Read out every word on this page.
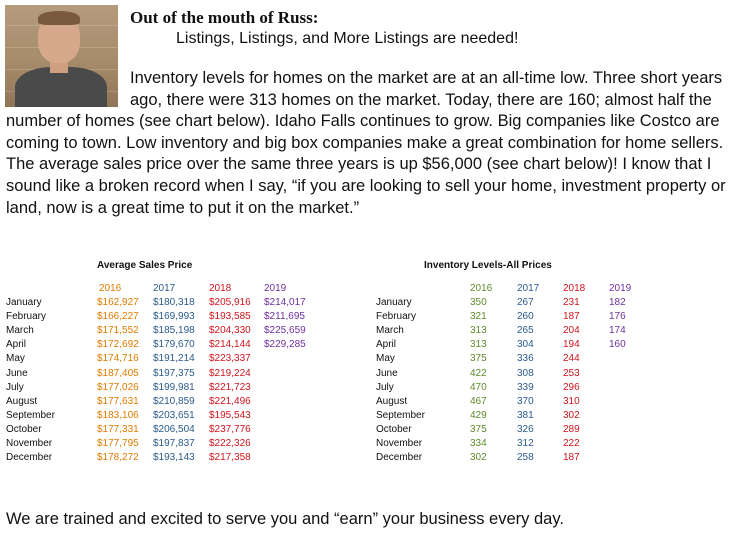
Out of the mouth of Russ:
Listings, Listings, and More Listings are needed!
Inventory levels for homes on the market are at an all-time low. Three short years ago, there were 313 homes on the market. Today, there are 160; almost half the number of homes (see chart below). Idaho Falls continues to grow. Big companies like Costco are coming to town. Low inventory and big box companies make a great combination for home sellers. The average sales price over the same three years is up $56,000 (see chart below)! I know that I sound like a broken record when I say, “if you are looking to sell your home, investment property or land, now is a great time to put it on the market.”
We are trained and excited to serve you and “earn” your business every day.
Average Sales Price
2016	2017	2018	2019
January	$162,927 $180,318 $205,916 $214,017
February	$166,227 $169,993 $193,585 $211,695
March	$171,552 $185,198 $204,330 $225,659
April	$172,692 $179,670 $214,144 $229,285
May	$174,716 $191,214 $223,337
June	$187,405 $197,375 $219,224
July	$177,026 $199,981 $221,723
August	$177,631 $210,859 $221,496
September	$183,106 $203,651 $195,543
October	$177,331 $206,504 $237,776
November	$177,795 $197,837 $222,326
December	$178,272 $193,143 $217,358
Inventory Levels-All Prices
2016 2017 2018 2019
January	350	267	231	182
February	321	260	187	176
March	313	265	204	174
April	313	304	194	160
May	375	336	244
June	422	308	253
July	470	339	296
August	467	370	310
September	429	381	302
October	375	326	289
November	334	312	222
December	302	258	187
